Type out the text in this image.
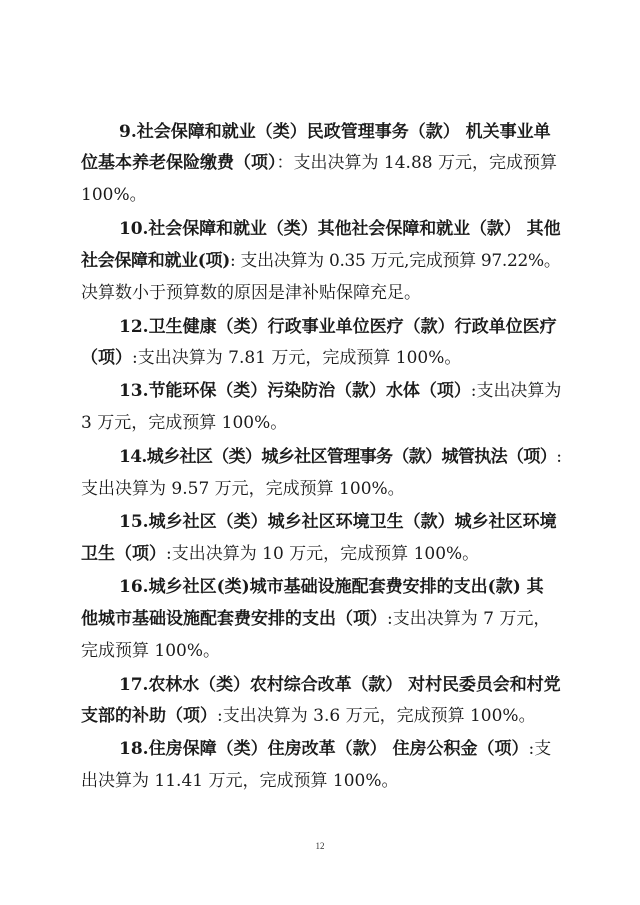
9.社会保障和就业（类）民政管理事务（款） 机关事业单
位基本养老保险缴费（项）：支出决算为 14.88 万元，完成预算
100%。
10.社会保障和就业（类）其他社会保障和就业（款） 其他
社会保障和就业(项): 支出决算为 0.35 万元,完成预算 97.22%。
决算数小于预算数的原因是津补贴保障充足。
12.卫生健康（类）行政事业单位医疗（款）行政单位医疗
（项）:支出决算为 7.81 万元，完成预算 100%。
13.节能环保（类）污染防治（款）水体（项）:支出决算为
3 万元，完成预算 100%。
14.城乡社区（类）城乡社区管理事务（款）城管执法（项）:
支出决算为 9.57 万元，完成预算 100%。
15.城乡社区（类）城乡社区环境卫生（款）城乡社区环境
卫生（项）:支出决算为 10 万元，完成预算 100%。
16.城乡社区(类)城市基础设施配套费安排的支出(款) 其
他城市基础设施配套费安排的支出（项）:支出决算为 7 万元，
完成预算 100%。
17.农林水（类）农村综合改革（款） 对村民委员会和村党
支部的补助（项）:支出决算为 3.6 万元，完成预算 100%。
18.住房保障（类）住房改革（款） 住房公积金（项）:支
出决算为 11.41 万元，完成预算 100%。
12
